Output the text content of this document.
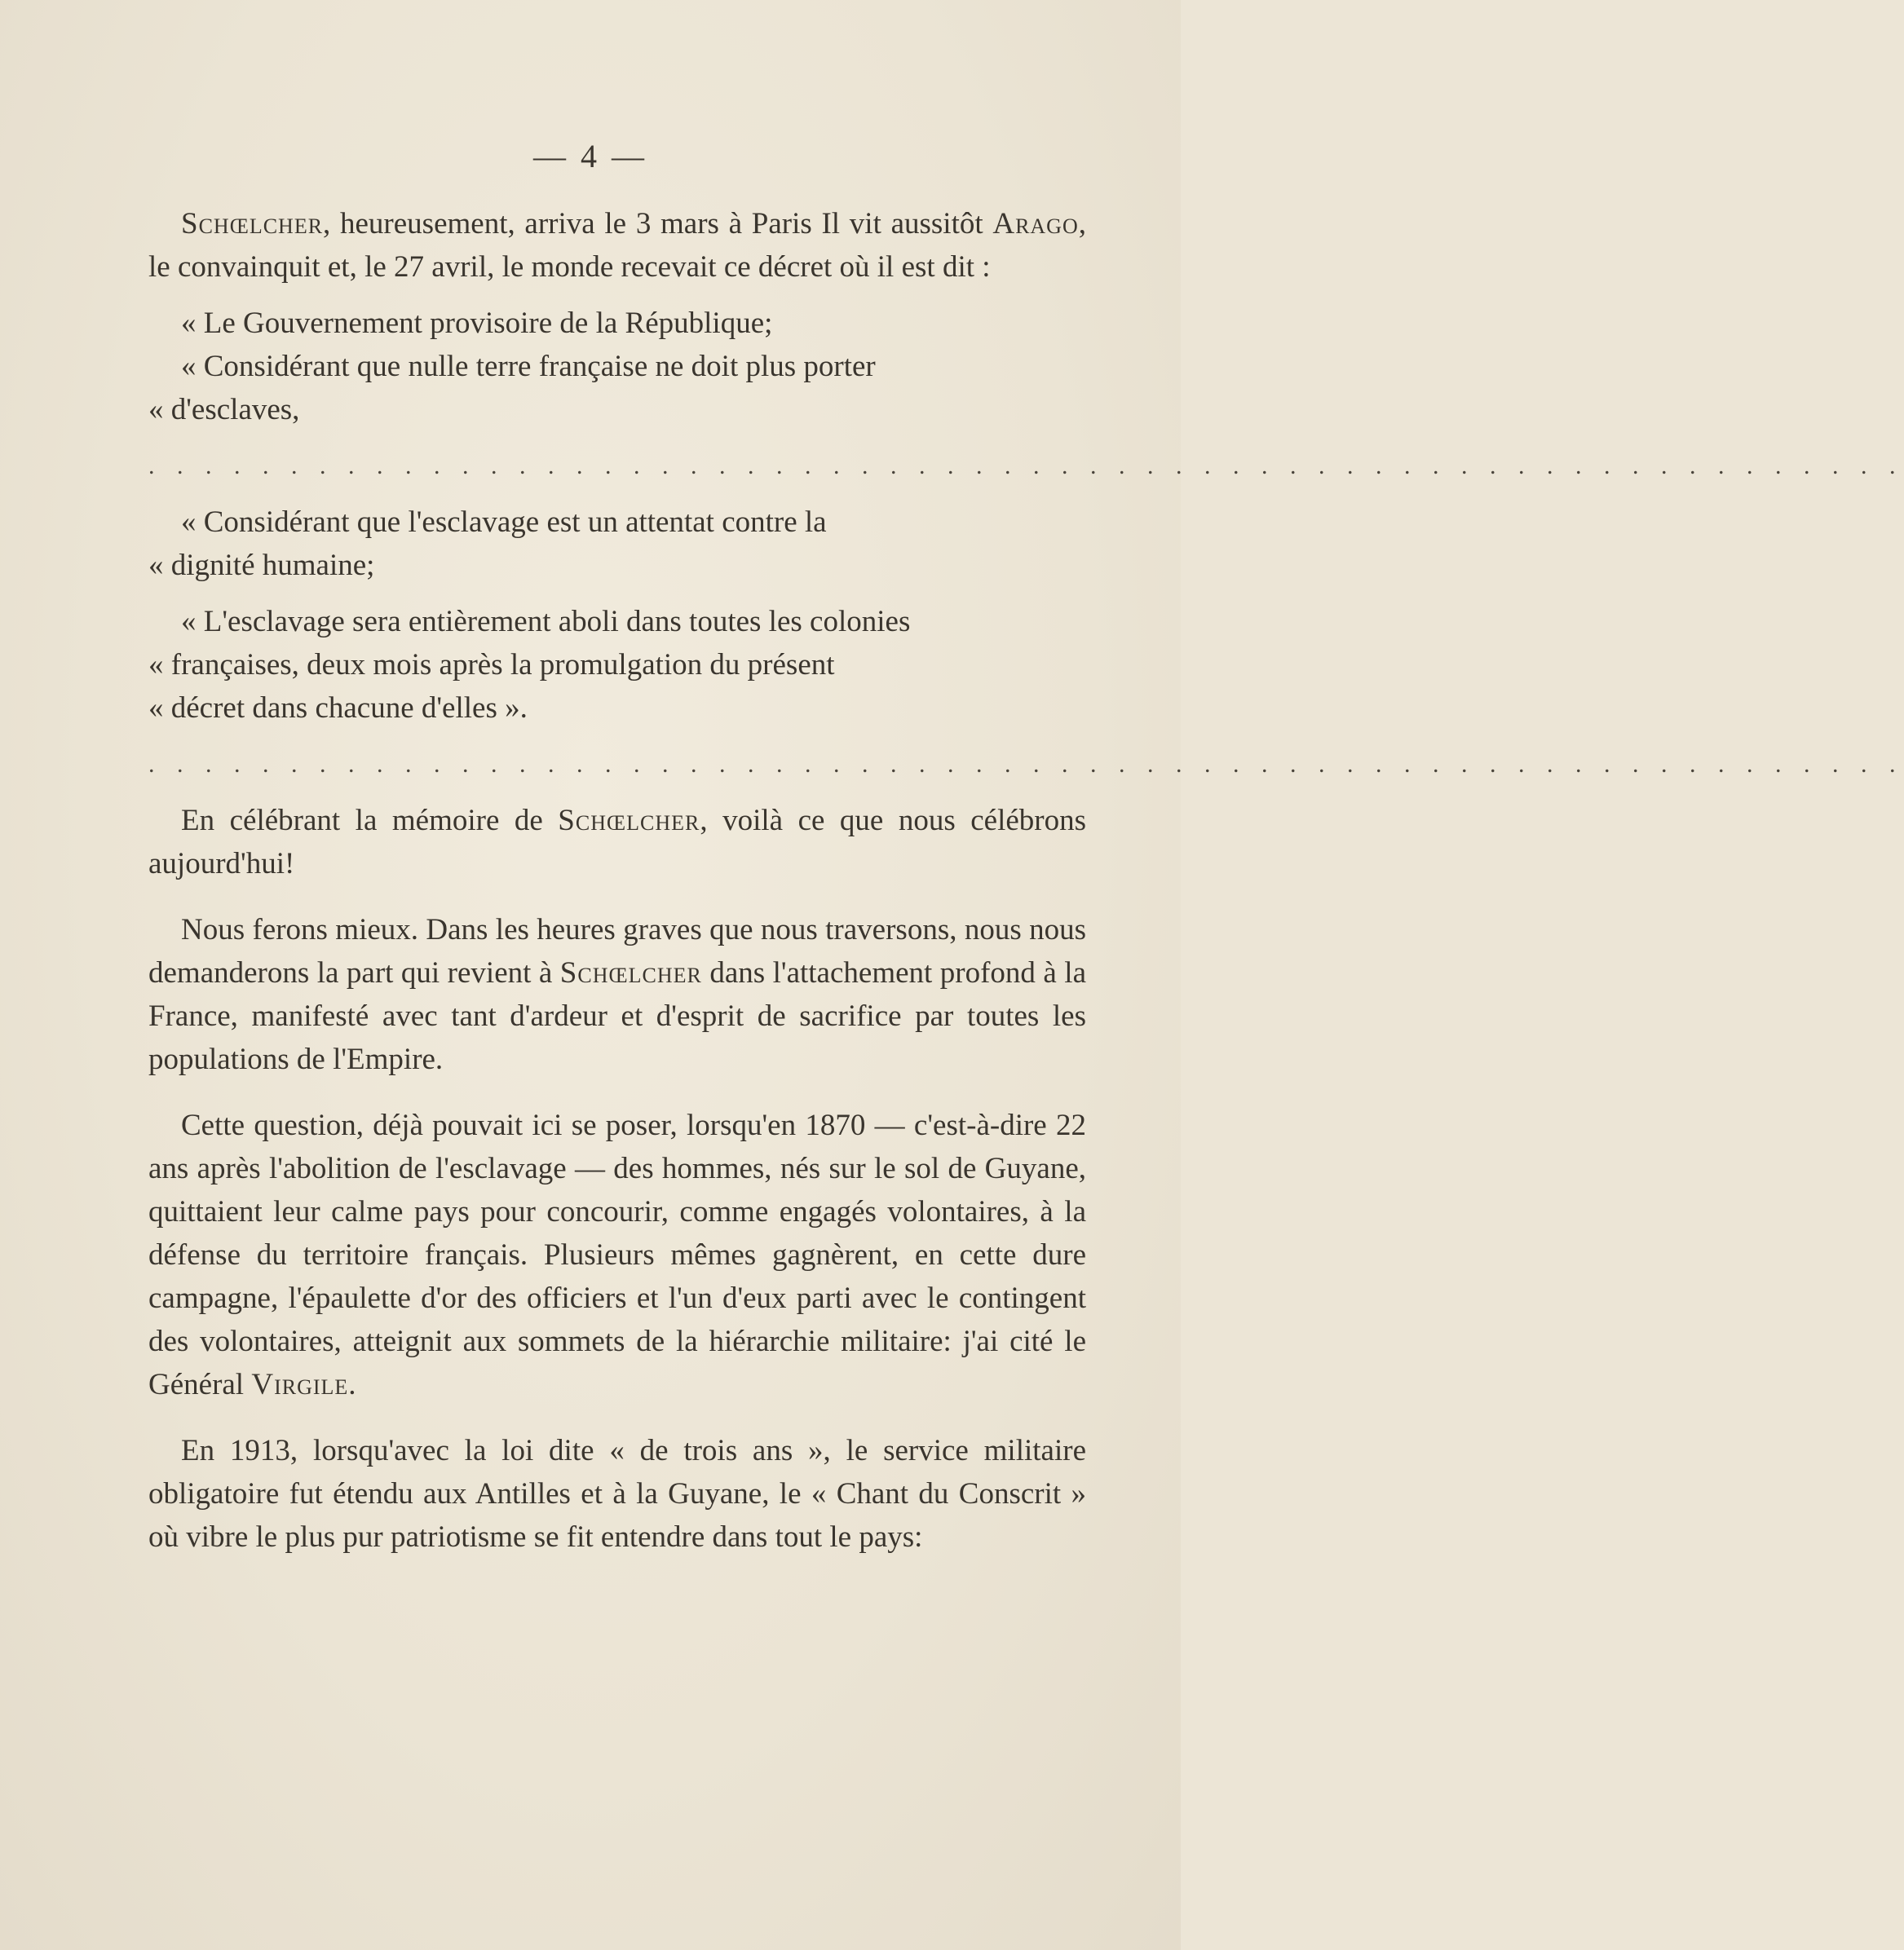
— 4 —

Schœlcher, heureusement, arriva le 3 mars à Paris Il vit aussitôt Arago, le convainquit et, le 27 avril, le monde recevait ce décret où il est dit :

« Le Gouvernement provisoire de la République;

« Considérant que nulle terre française ne doit plus porter

« d'esclaves,

. . . . . . . . . . . . . . . . . . . . . . . . . . . . . . . . . . . . . . . . . . . . . . . . . . . . . . . . . . . . . .

« Considérant que l'esclavage est un attentat contre la

« dignité humaine;

« L'esclavage sera entièrement aboli dans toutes les colonies

« françaises, deux mois après la promulgation du présent

« décret dans chacune d'elles ».

. . . . . . . . . . . . . . . . . . . . . . . . . . . . . . . . . . . . . . . . . . . . . . . . . . . . . . . . . . . . . .

En célébrant la mémoire de Schœlcher, voilà ce que nous célébrons aujourd'hui!

Nous ferons mieux. Dans les heures graves que nous traversons, nous nous demanderons la part qui revient à Schœlcher dans l'attachement profond à la France, manifesté avec tant d'ardeur et d'esprit de sacrifice par toutes les populations de l'Empire.

Cette question, déjà pouvait ici se poser, lorsqu'en 1870 — c'est-à-dire 22 ans après l'abolition de l'esclavage — des hommes, nés sur le sol de Guyane, quittaient leur calme pays pour concourir, comme engagés volontaires, à la défense du territoire français. Plusieurs mêmes gagnèrent, en cette dure campagne, l'épaulette d'or des officiers et l'un d'eux parti avec le contingent des volontaires, atteignit aux sommets de la hiérarchie militaire: j'ai cité le Général Virgile.

En 1913, lorsqu'avec la loi dite « de trois ans », le service militaire obligatoire fut étendu aux Antilles et à la Guyane, le « Chant du Conscrit » où vibre le plus pur patriotisme se fit entendre dans tout le pays:
